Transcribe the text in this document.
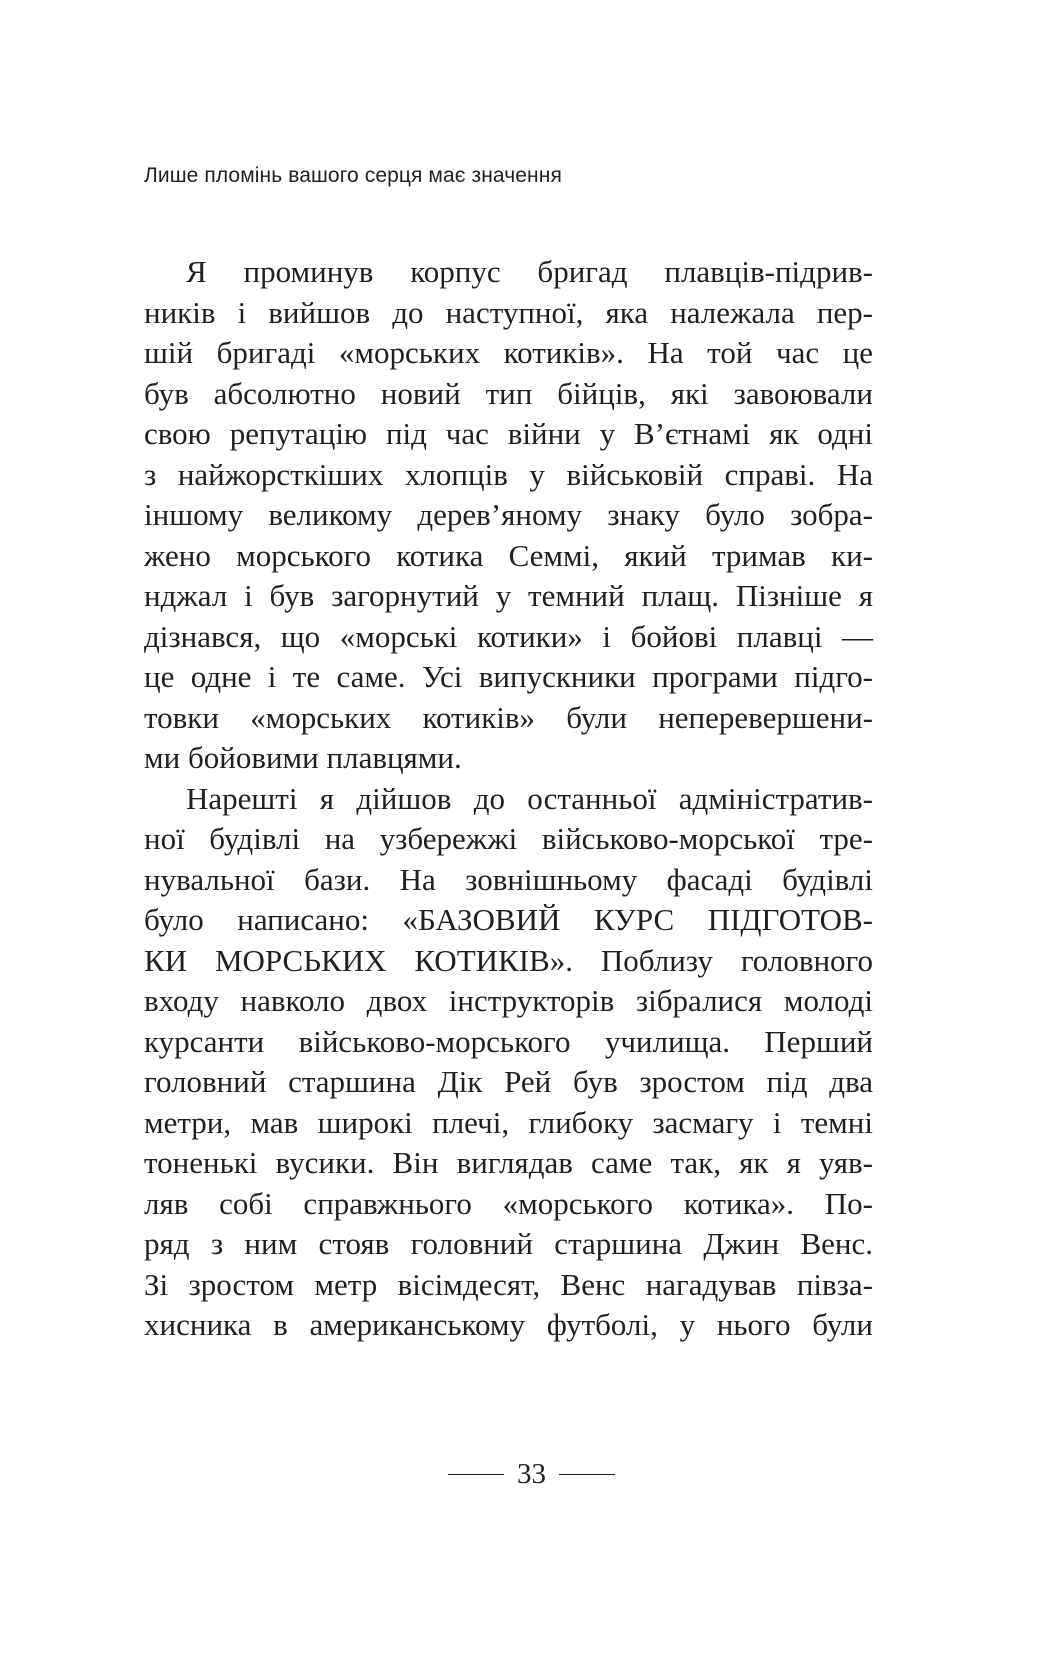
Лише пломінь вашого серця має значення
Я проминув корпус бригад плавців-підрив-
ників і вийшов до наступної, яка належала пер-
шій бригаді «морських котиків». На той час це
був абсолютно новий тип бійців, які завоювали
свою репутацію під час війни у В’єтнамі як одні
з найжорсткіших хлопців у військовій справі. На
іншому великому дерев’яному знаку було зобра-
жено морського котика Семмі, який тримав ки-
нджал і був загорнутий у темний плащ. Пізніше я
дізнався, що «морські котики» і бойові плавці —
це одне і те саме. Усі випускники програми підго-
товки «морських котиків» були неперевершени-
ми бойовими плавцями.
Нарешті я дійшов до останньої адміністратив-
ної будівлі на узбережжі військово-морської тре-
нувальної бази. На зовнішньому фасаді будівлі
було написано: «БАЗОВИЙ КУРС ПІДГОТОВ-
КИ МОРСЬКИХ КОТИКІВ». Поблизу головного
входу навколо двох інструкторів зібралися молоді
курсанти військово-морського училища. Перший
головний старшина Дік Рей був зростом під два
метри, мав широкі плечі, глибоку засмагу і темні
тоненькі вусики. Він виглядав саме так, як я уяв-
ляв собі справжнього «морського котика». По-
ряд з ним стояв головний старшина Джин Венс.
Зі зростом метр вісімдесят, Венс нагадував півза-
хисника в американському футболі, у нього були
33
